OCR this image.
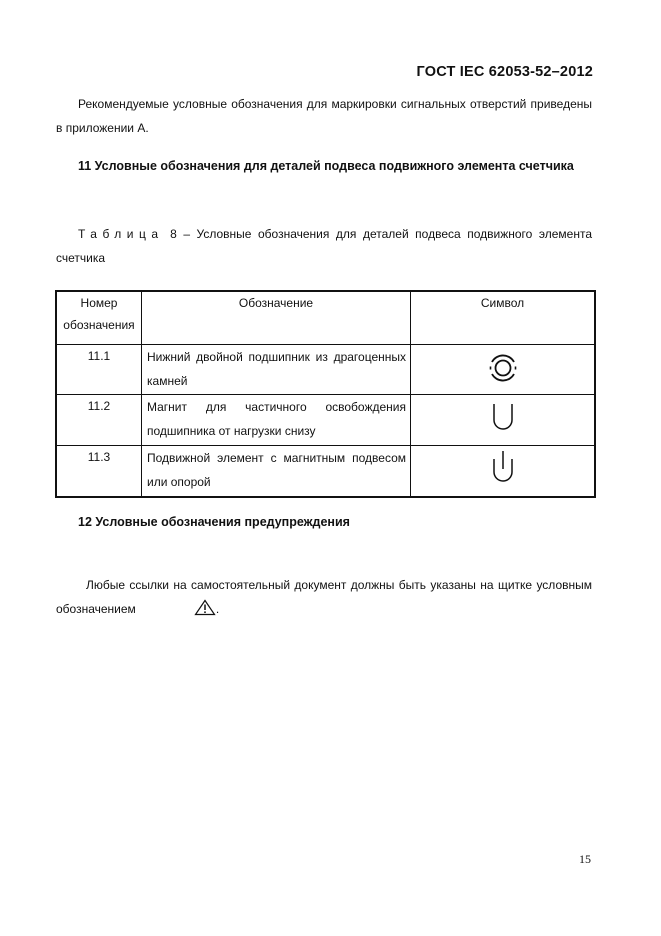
ГОСТ IEC 62053-52–2012
Рекомендуемые условные обозначения для маркировки сигнальных отверстий приведены в приложении А.
11 Условные обозначения для деталей подвеса подвижного элемента счетчика
Таблица 8 – Условные обозначения для деталей подвеса подвижного элемента счетчика
Номер обозначения	Обозначение	Символ
11.1	Нижний двойной подшипник из драгоценных камней	

11.2	Магнит для частичного освобождения подшипника от нагрузки снизу	

11.3	Подвижной элемент с магнитным подвесом или опорой	
12 Условные обозначения предупреждения
Любые ссылки на самостоятельный документ должны быть указаны на щитке условным обозначением	.
15
